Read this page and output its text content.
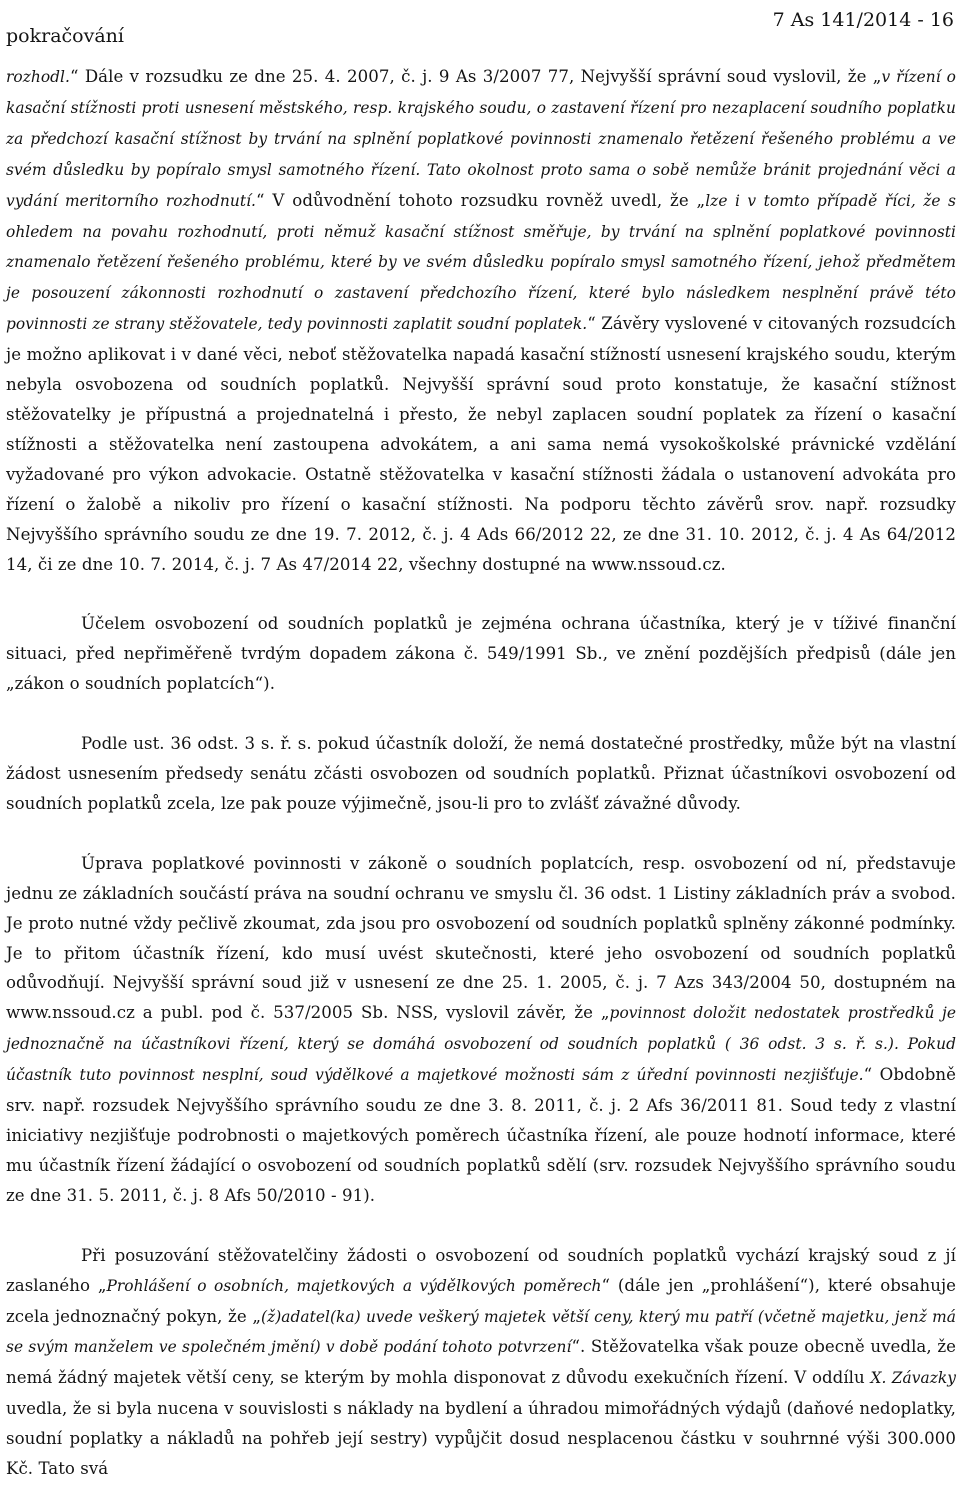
pokračování
7 As 141/2014 - 16

rozhodl.“ Dále v rozsudku ze dne 25. 4. 2007, č. j. 9 As 3/2007 77, Nejvyšší správní soud vyslovil, že „v řízení o kasační stížnosti proti usnesení městského, resp. krajského soudu, o zastavení řízení pro nezaplacení soudního poplatku za předchozí kasační stížnost by trvání na splnění poplatkové povinnosti znamenalo řetězení řešeného problému a ve svém důsledku by popíralo smysl samotného řízení. Tato okolnost proto sama o sobě nemůže bránit projednání věci a vydání meritorního rozhodnutí.“ V odůvodnění tohoto rozsudku rovněž uvedl, že „lze i v tomto případě říci, že s ohledem na povahu rozhodnutí, proti němuž kasační stížnost směřuje, by trvání na splnění poplatkové povinnosti znamenalo řetězení řešeného problému, které by ve svém důsledku popíralo smysl samotného řízení, jehož předmětem je posouzení zákonnosti rozhodnutí o zastavení předchozího řízení, které bylo následkem nesplnění právě této povinnosti ze strany stěžovatele, tedy povinnosti zaplatit soudní poplatek.“ Závěry vyslovené v citovaných rozsudcích je možno aplikovat i v dané věci, neboť stěžovatelka napadá kasační stížností usnesení krajského soudu, kterým nebyla osvobozena od soudních poplatků. Nejvyšší správní soud proto konstatuje, že kasační stížnost stěžovatelky je přípustná a projednatelná i přesto, že nebyl zaplacen soudní poplatek za řízení o kasační stížnosti a stěžovatelka není zastoupena advokátem, a ani sama nemá vysokoškolské právnické vzdělání vyžadované pro výkon advokacie. Ostatně stěžovatelka v kasační stížnosti žádala o ustanovení advokáta pro řízení o žalobě a nikoliv pro řízení o kasační stížnosti. Na podporu těchto závěrů srov. např. rozsudky Nejvyššího správního soudu ze dne 19. 7. 2012, č. j. 4 Ads 66/2012 22, ze dne 31. 10. 2012, č. j. 4 As 64/2012 14, či ze dne 10. 7. 2014, č. j. 7 As 47/2014 22, všechny dostupné na www.nssoud.cz.

Účelem osvobození od soudních poplatků je zejména ochrana účastníka, který je v tíživé finanční situaci, před nepřiměřeně tvrdým dopadem zákona č. 549/1991 Sb., ve znění pozdějších předpisů (dále jen „zákon o soudních poplatcích“).

Podle ust. 36 odst. 3 s. ř. s. pokud účastník doloží, že nemá dostatečné prostředky, může být na vlastní žádost usnesením předsedy senátu zčásti osvobozen od soudních poplatků. Přiznat účastníkovi osvobození od soudních poplatků zcela, lze pak pouze výjimečně, jsou-li pro to zvlášť závažné důvody.

Úprava poplatkové povinnosti v zákoně o soudních poplatcích, resp. osvobození od ní, představuje jednu ze základních součástí práva na soudní ochranu ve smyslu čl. 36 odst. 1 Listiny základních práv a svobod. Je proto nutné vždy pečlivě zkoumat, zda jsou pro osvobození od soudních poplatků splněny zákonné podmínky. Je to přitom účastník řízení, kdo musí uvést skutečnosti, které jeho osvobození od soudních poplatků odůvodňují. Nejvyšší správní soud již v usnesení ze dne 25. 1. 2005, č. j. 7 Azs 343/2004 50, dostupném na www.nssoud.cz a publ. pod č. 537/2005 Sb. NSS, vyslovil závěr, že „povinnost doložit nedostatek prostředků je jednoznačně na účastníkovi řízení, který se domáhá osvobození od soudních poplatků ( 36 odst. 3 s. ř. s.). Pokud účastník tuto povinnost nesplní, soud výdělkové a majetkové možnosti sám z úřední povinnosti nezjišťuje.“ Obdobně srv. např. rozsudek Nejvyššího správního soudu ze dne 3. 8. 2011, č. j. 2 Afs 36/2011 81. Soud tedy z vlastní iniciativy nezjišťuje podrobnosti o majetkových poměrech účastníka řízení, ale pouze hodnotí informace, které mu účastník řízení žádající o osvobození od soudních poplatků sdělí (srv. rozsudek Nejvyššího správního soudu ze dne 31. 5. 2011, č. j. 8 Afs 50/2010 - 91).

Při posuzování stěžovatelčiny žádosti o osvobození od soudních poplatků vychází krajský soud z jí zaslaného „Prohlášení o osobních, majetkových a výdělkových poměrech“ (dále jen „prohlášení“), které obsahuje zcela jednoznačný pokyn, že „(ž)adatel(ka) uvede veškerý majetek větší ceny, který mu patří (včetně majetku, jenž má se svým manželem ve společném jmění) v době podání tohoto potvrzení“. Stěžovatelka však pouze obecně uvedla, že nemá žádný majetek větší ceny, se kterým by mohla disponovat z důvodu exekučních řízení. V oddílu X. Závazky uvedla, že si byla nucena v souvislosti s náklady na bydlení a úhradou mimořádných výdajů (daňové nedoplatky, soudní poplatky a nákladů na pohřeb její sestry) vypůjčit dosud nesplacenou částku v souhrnné výši 300.000 Kč. Tato svá
